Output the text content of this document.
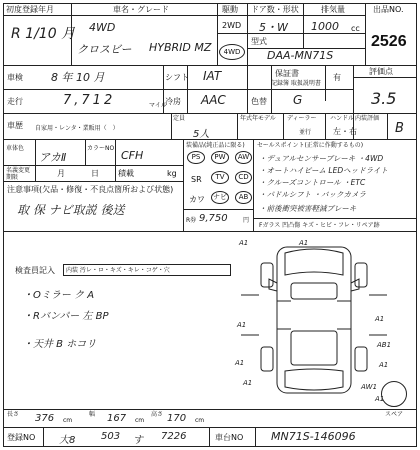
初度登録年月
R 1/10 月
車名・グレード
4WD
クロスビー HYBRID MZ
駆動
2WD
4WD
ドア数・形状
5・W
排気量
1000 cc
型式
DAA-MN71S
出品NO.
2526
車検	8 年 10 月	シフト IAT	保証書
記録簿 取扱説明書
有
評価点
3.5
走行	7,712	マイル
冷房 AAC	色替 G
車歴 自家用・レンタ・業販用（　）
定員
5人
年式年モデル ディーラー
並行
ハンドル
左・右
内装評価
B
車体色
アカⅡ
カラーNO
CFH
名義変更期限	月	日 積載	kg
注意事項(欠品・修復・不良点箇所および状態)
取 保 ナビ取説 後送
装備品(純正品に限る)
PS	PW	AW
SR	TV	CD
カワ ナビ	AB
R券 9,750	円
セールスポイント(正常に作動するもの)
・デュアルセンサーブレーキ ・4WD
・オートハイビーム LEDヘッドライト
・クルーズコントロール ・ETC
・パドルシフト ・バックカメラ
・前後衝突被害軽減ブレーキ
Fガラス 凹凸傷 キズ・ヒビ・フレ・リペア跡
A1	A1
A1
A1
A1
A1
AB1
A1
AW1
A1
スペア
検査員記入 内装 汚レ・ロ・キズ・キレ・コゲ・穴
・Oミラー ク A
・Rバンパー 左 BP
・天井 B ホコリ
長さ 376 cm
幅 167 cm
高さ 170 cm
登録NO 大8	503 す 7226	車台NO	MN71S-146096
